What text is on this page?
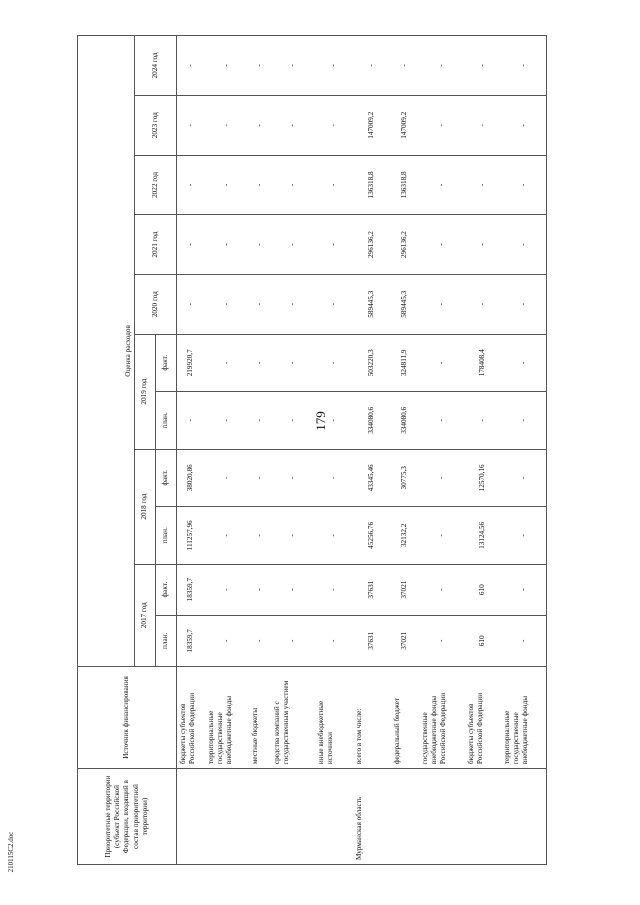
179
210115C2.doc	Приоритетные территории (субъект Российской Федерации, входящий в состав приоритетной территории)	Источник финансирования	Оценка расходов										
		2017 год		2018 год		2019 год		2020 год	2021 год	2022 год	2023 год	2024 год
		план.	факт.	план.	факт.	план.	факт.					
	бюджеты субъектов Российской Федерации	18359,7	18359,7	111257,96	38020,86	-	219920,7	-	-	-	-	-
	территориальные государственные внебюджетные фонды	-	-	-	-	-	-	-	-	-	-	-
	местные бюджеты	-	-	-	-	-	-	-	-	-	-	-
	средства компаний с государственным участием	-	-	-	-	-	-	-	-	-	-	-
	иные внебюджетные источники	-	-	-	-	-	-	-	-	-	-	-
Мурманская область	всего в том числе:	37631	37631	45256,76	43345,46	334080,6	503220,3	589445,3	296136,2	136318,8	147009,2	-
	федеральный бюджет	37021	37021	32132,2	30775,3	334080,6	324811,9	589445,3	296136,2	136318,8	147009,2	-
	государственные внебюджетные фонды Российской Федерации	-	-	-	-	-	-	-	-	-	-	-
	бюджеты субъектов Российской Федерации	610	610	13124,56	12570,16	-	178408,4	-	-	-	-	-
	территориальные государственные внебюджетные фонды	-	-	-	-	-	-	-	-	-	-	-
